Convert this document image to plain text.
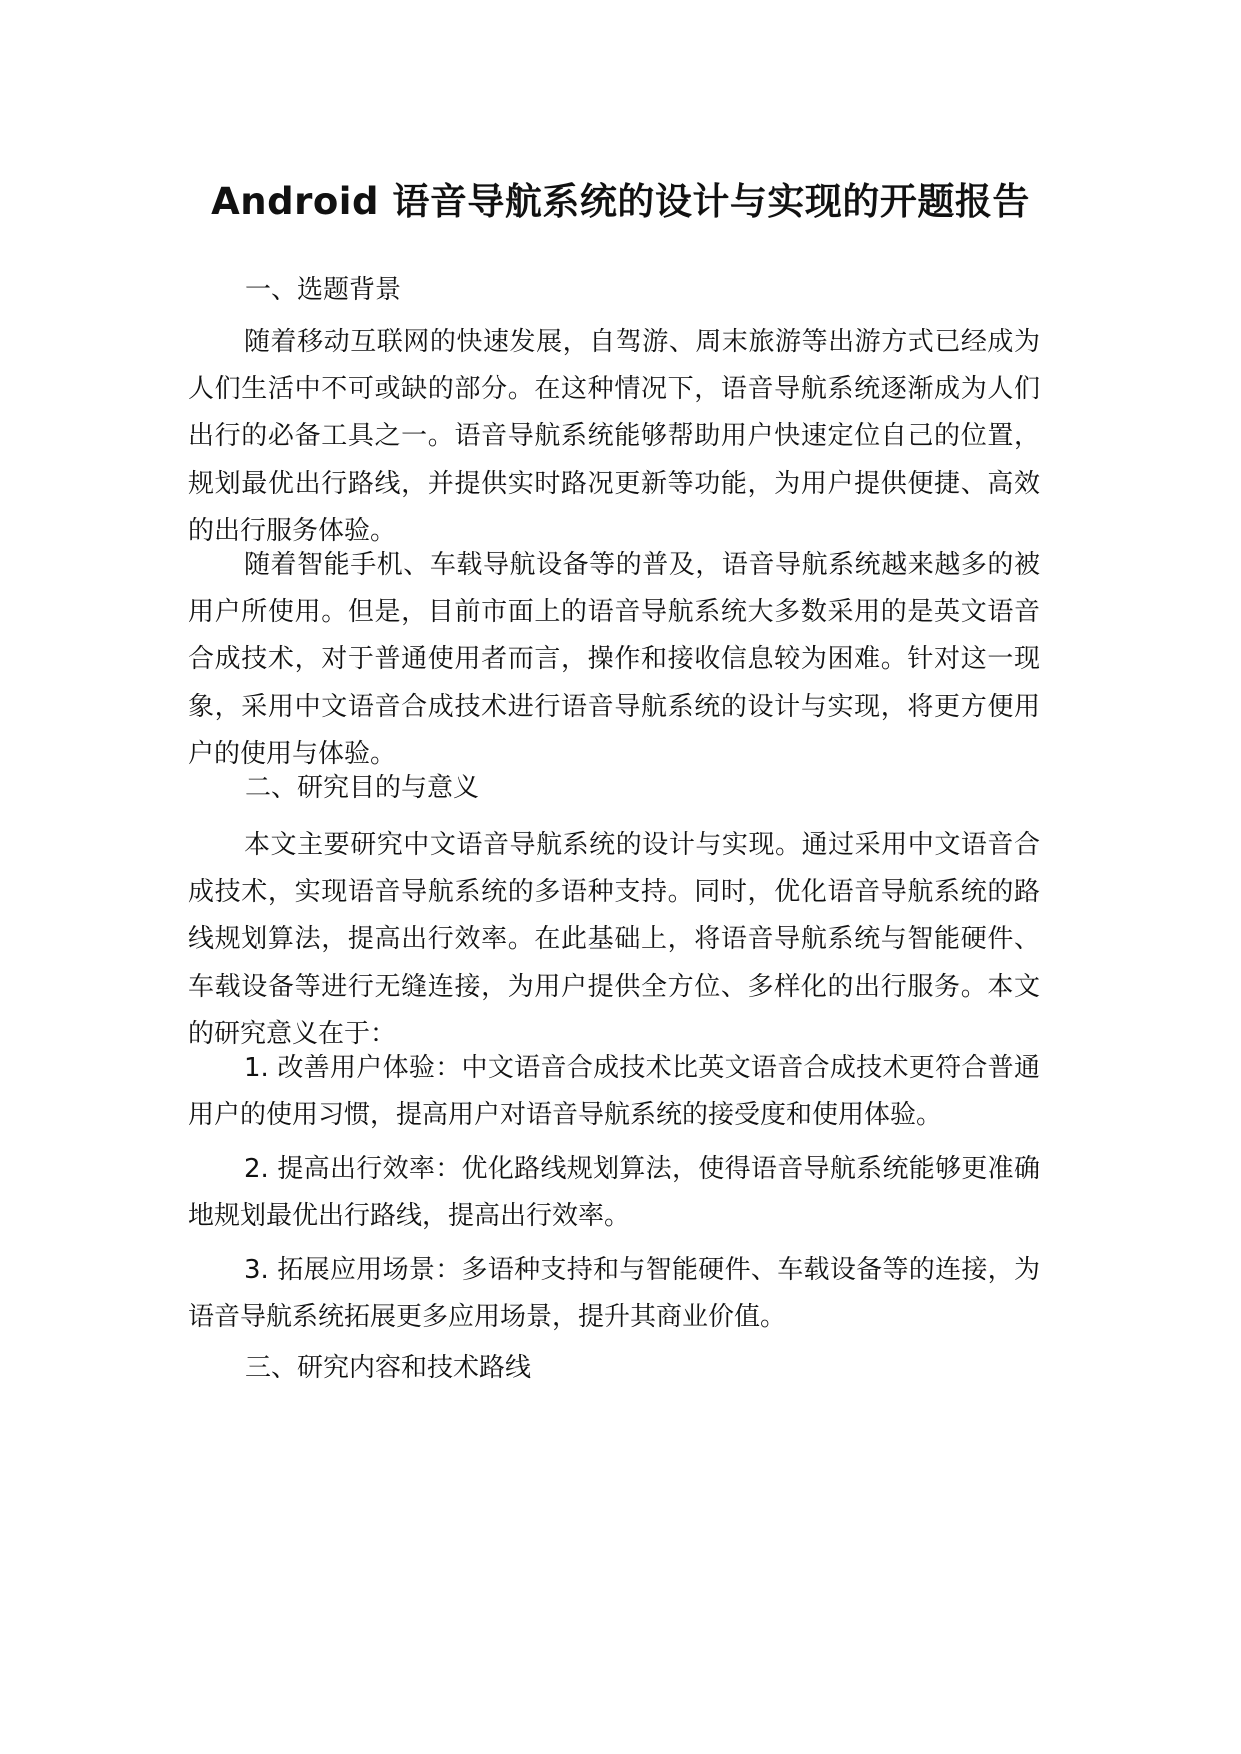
Android 语音导航系统的设计与实现的开题报告
一、选题背景

随着移动互联网的快速发展，自驾游、周末旅游等出游方式已经成为人们生活中不可或缺的部分。在这种情况下，语音导航系统逐渐成为人们出行的必备工具之一。语音导航系统能够帮助用户快速定位自己的位置，规划最优出行路线，并提供实时路况更新等功能，为用户提供便捷、高效的出行服务体验。

随着智能手机、车载导航设备等的普及，语音导航系统越来越多的被用户所使用。但是，目前市面上的语音导航系统大多数采用的是英文语音合成技术，对于普通使用者而言，操作和接收信息较为困难。针对这一现象，采用中文语音合成技术进行语音导航系统的设计与实现，将更方便用户的使用与体验。

二、研究目的与意义

本文主要研究中文语音导航系统的设计与实现。通过采用中文语音合成技术，实现语音导航系统的多语种支持。同时，优化语音导航系统的路线规划算法，提高出行效率。在此基础上，将语音导航系统与智能硬件、车载设备等进行无缝连接，为用户提供全方位、多样化的出行服务。本文的研究意义在于：

1. 改善用户体验：中文语音合成技术比英文语音合成技术更符合普通用户的使用习惯，提高用户对语音导航系统的接受度和使用体验。

2. 提高出行效率：优化路线规划算法，使得语音导航系统能够更准确地规划最优出行路线，提高出行效率。

3. 拓展应用场景：多语种支持和与智能硬件、车载设备等的连接，为语音导航系统拓展更多应用场景，提升其商业价值。

三、研究内容和技术路线
